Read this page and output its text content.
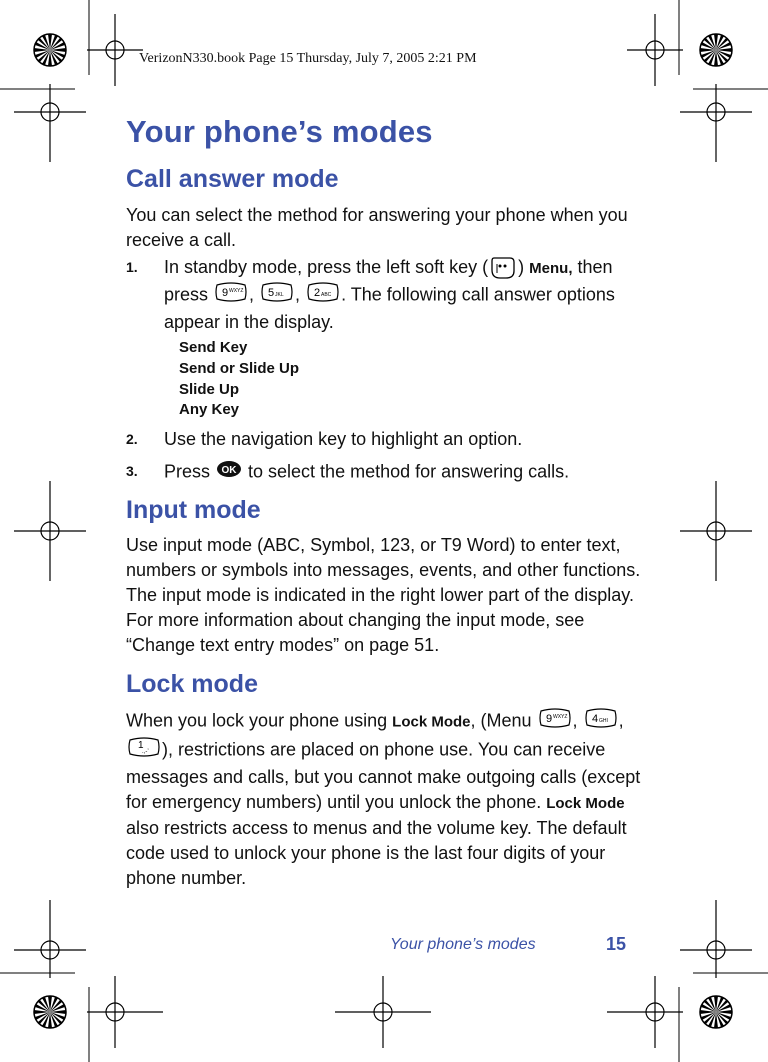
VerizonN330.book Page 15 Thursday, July 7, 2005 2:21 PM
Your phone’s modes
Call answer mode

You can select the method for answering your phone when you receive a call.

1. In standby mode, press the left soft key ( ) Menu, then press 9 WXYZ , 5 JKL , 2 ABC . The following call answer options appear in the display.
Send Key
Send or Slide Up
Slide Up
Any Key
2. Use the navigation key to highlight an option.
3. Press OK to select the method for answering calls.
Input mode

Use input mode (ABC, Symbol, 123, or T9 Word) to enter text, numbers or symbols into messages, events, and other functions. The input mode is indicated in the right lower part of the display. For more information about changing the input mode, see “Change text entry modes” on page 51.

Lock mode

When you lock your phone using Lock Mode, (Menu 9 WXYZ , 4 GHI ,
1
.,-’ ), restrictions are placed on phone use. You can receive messages and calls, but you cannot make outgoing calls (except for emergency numbers) until you unlock the phone. Lock Mode also restricts access to menus and the volume key. The default code used to unlock your phone is the last four digits of your phone number.

Your phone’s modes	15
